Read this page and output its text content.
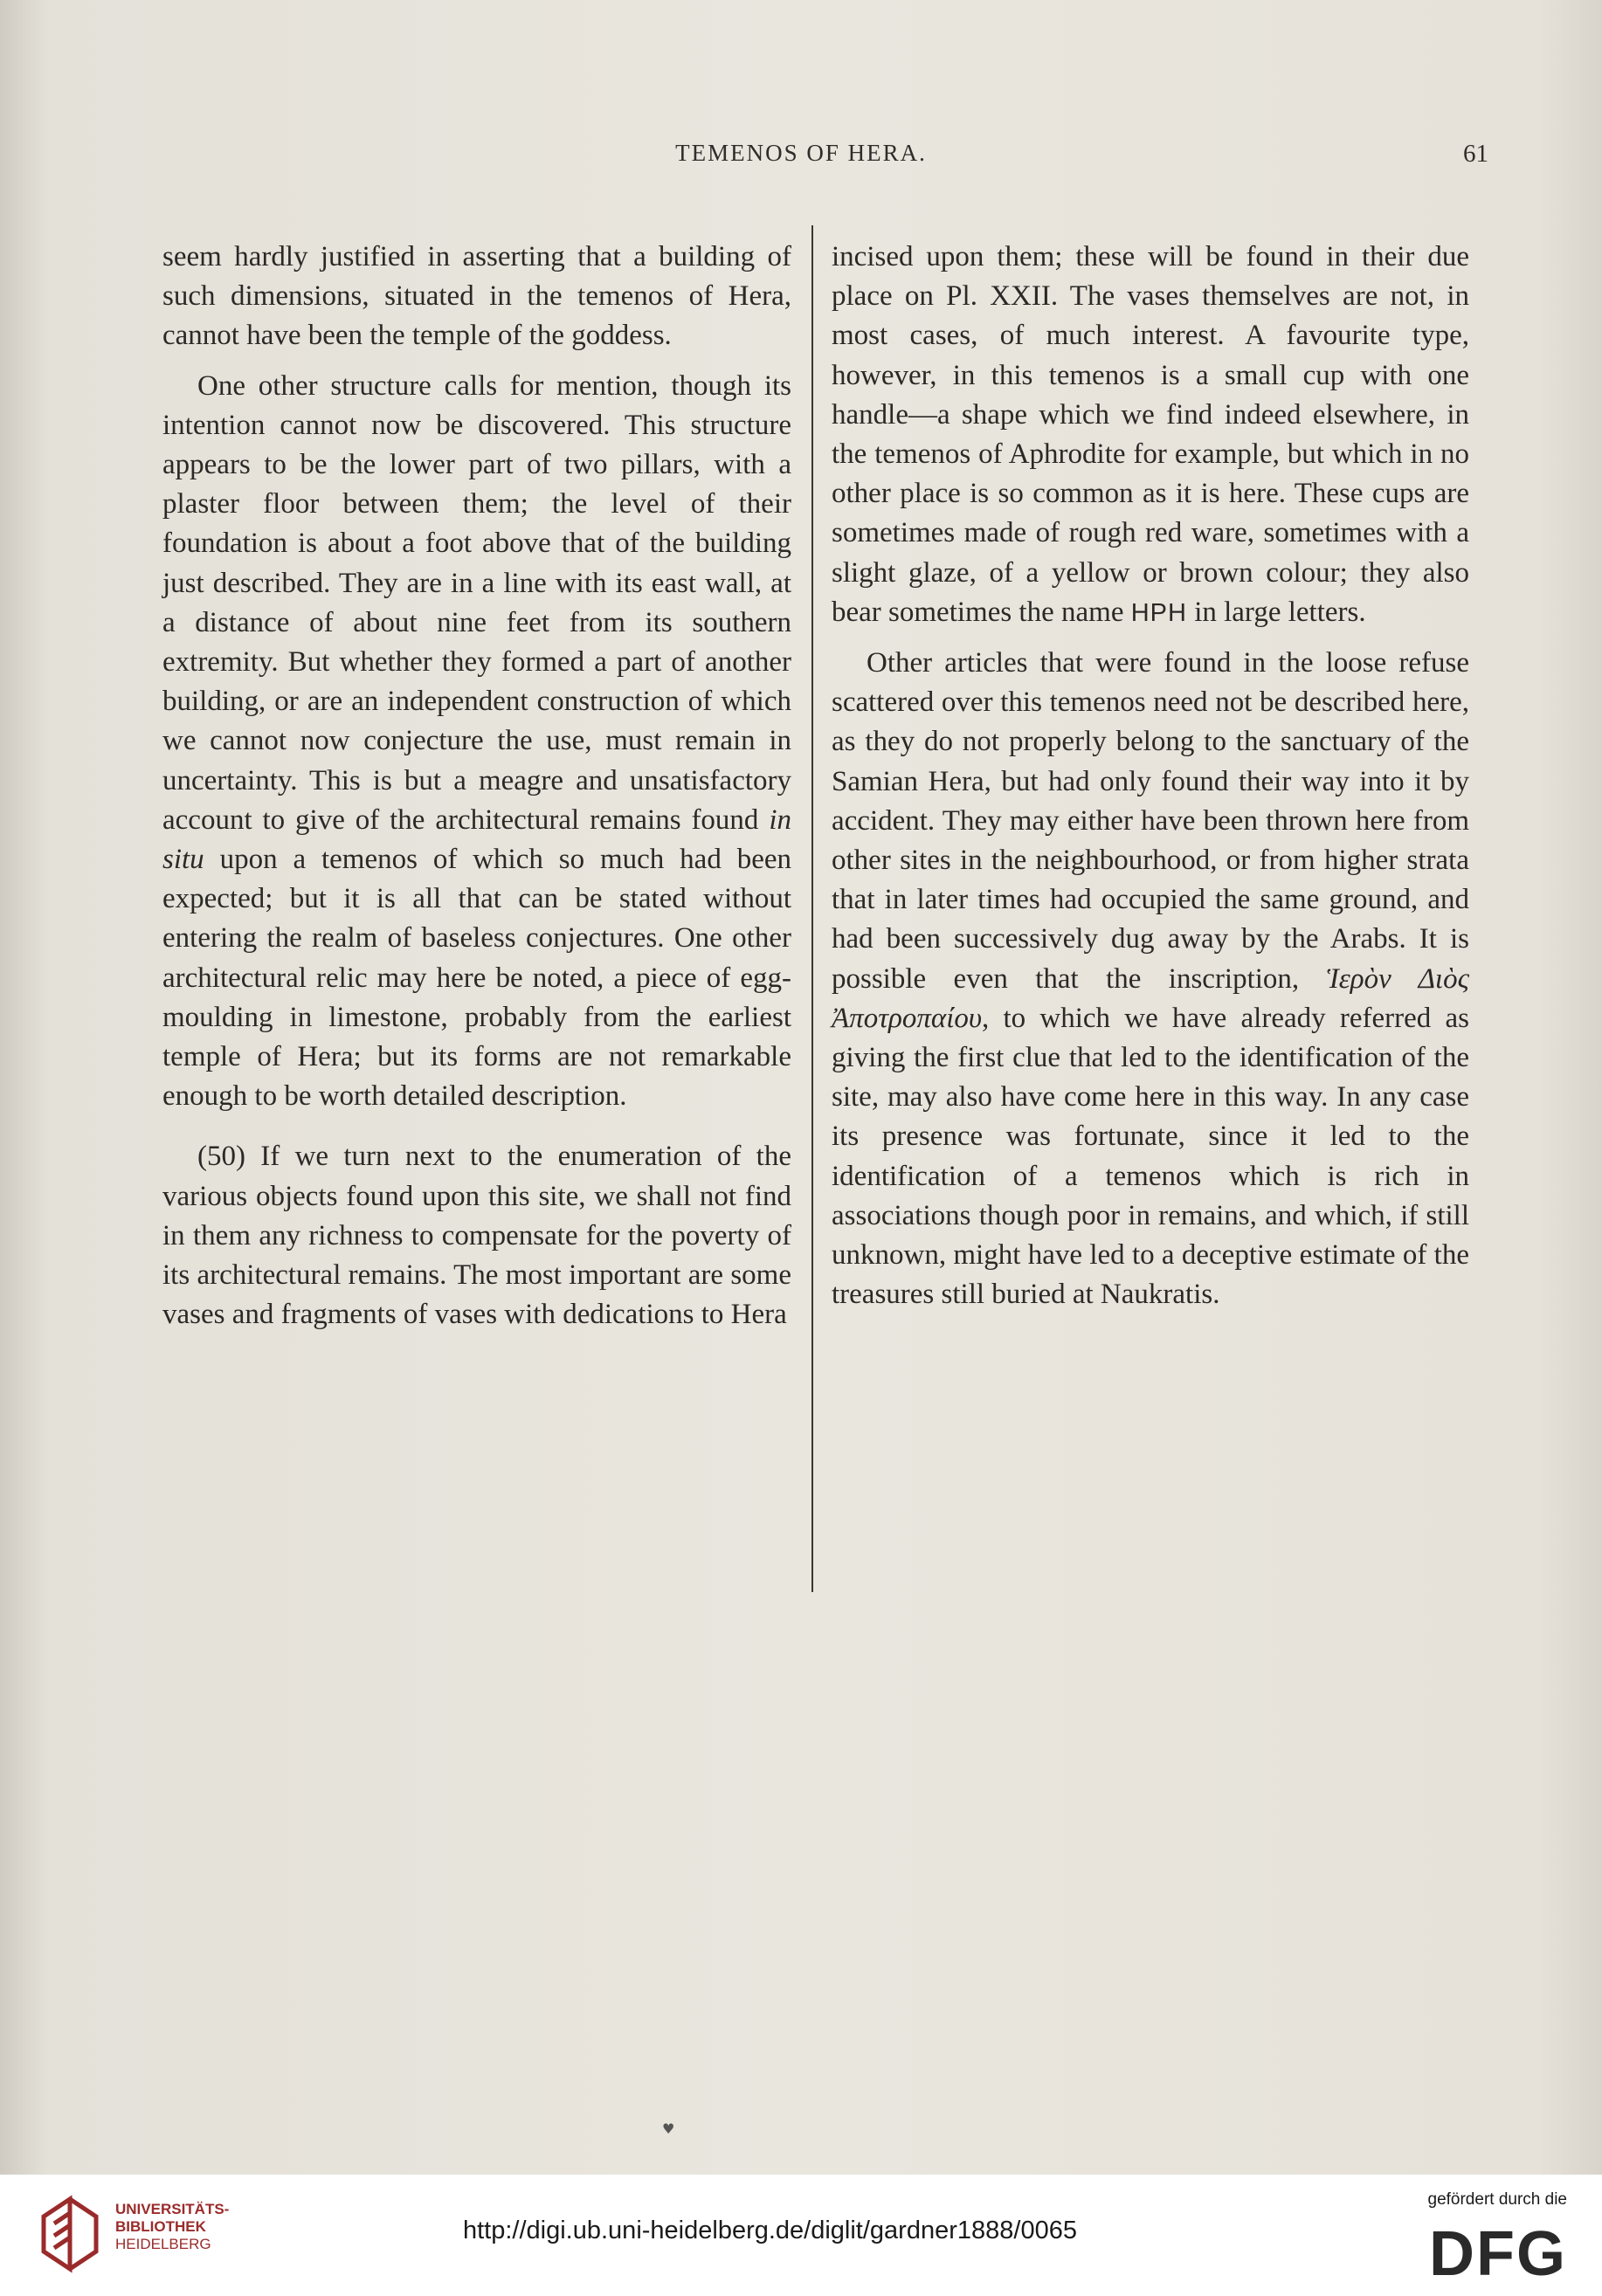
TEMENOS OF HERA.	61

seem hardly justified in asserting that a building of such dimensions, situated in the temenos of Hera, cannot have been the temple of the goddess.

One other structure calls for mention, though its intention cannot now be discovered. This structure appears to be the lower part of two pillars, with a plaster floor between them; the level of their foundation is about a foot above that of the building just described. They are in a line with its east wall, at a distance of about nine feet from its southern extremity. But whether they formed a part of another building, or are an independent construction of which we cannot now conjecture the use, must remain in uncertainty. This is but a meagre and unsatisfactory account to give of the architectural remains found in situ upon a temenos of which so much had been expected; but it is all that can be stated without entering the realm of baseless conjectures. One other architectural relic may here be noted, a piece of egg-moulding in limestone, probably from the earliest temple of Hera; but its forms are not remarkable enough to be worth detailed description.

(50) If we turn next to the enumeration of the various objects found upon this site, we shall not find in them any richness to compensate for the poverty of its architectural remains. The most important are some vases and fragments of vases with dedications to Hera

incised upon them; these will be found in their due place on Pl. XXII. The vases themselves are not, in most cases, of much interest. A favourite type, however, in this temenos is a small cup with one handle—a shape which we find indeed elsewhere, in the temenos of Aphrodite for example, but which in no other place is so common as it is here. These cups are sometimes made of rough red ware, sometimes with a slight glaze, of a yellow or brown colour; they also bear sometimes the name HPH in large letters.

Other articles that were found in the loose refuse scattered over this temenos need not be described here, as they do not properly belong to the sanctuary of the Samian Hera, but had only found their way into it by accident. They may either have been thrown here from other sites in the neighbourhood, or from higher strata that in later times had occupied the same ground, and had been successively dug away by the Arabs. It is possible even that the inscription, Ἱερὸν Διὸς Ἀποτροπαίου, to which we have already referred as giving the first clue that led to the identification of the site, may also have come here in this way. In any case its presence was fortunate, since it led to the identification of a temenos which is rich in associations though poor in remains, and which, if still unknown, might have led to a deceptive estimate of the treasures still buried at Naukratis.

♥
UNIVERSITÄTS-
BIBLIOTHEK
HEIDELBERG	http://digi.ub.uni-heidelberg.de/diglit/gardner1888/0065
gefördert durch die
DFG
